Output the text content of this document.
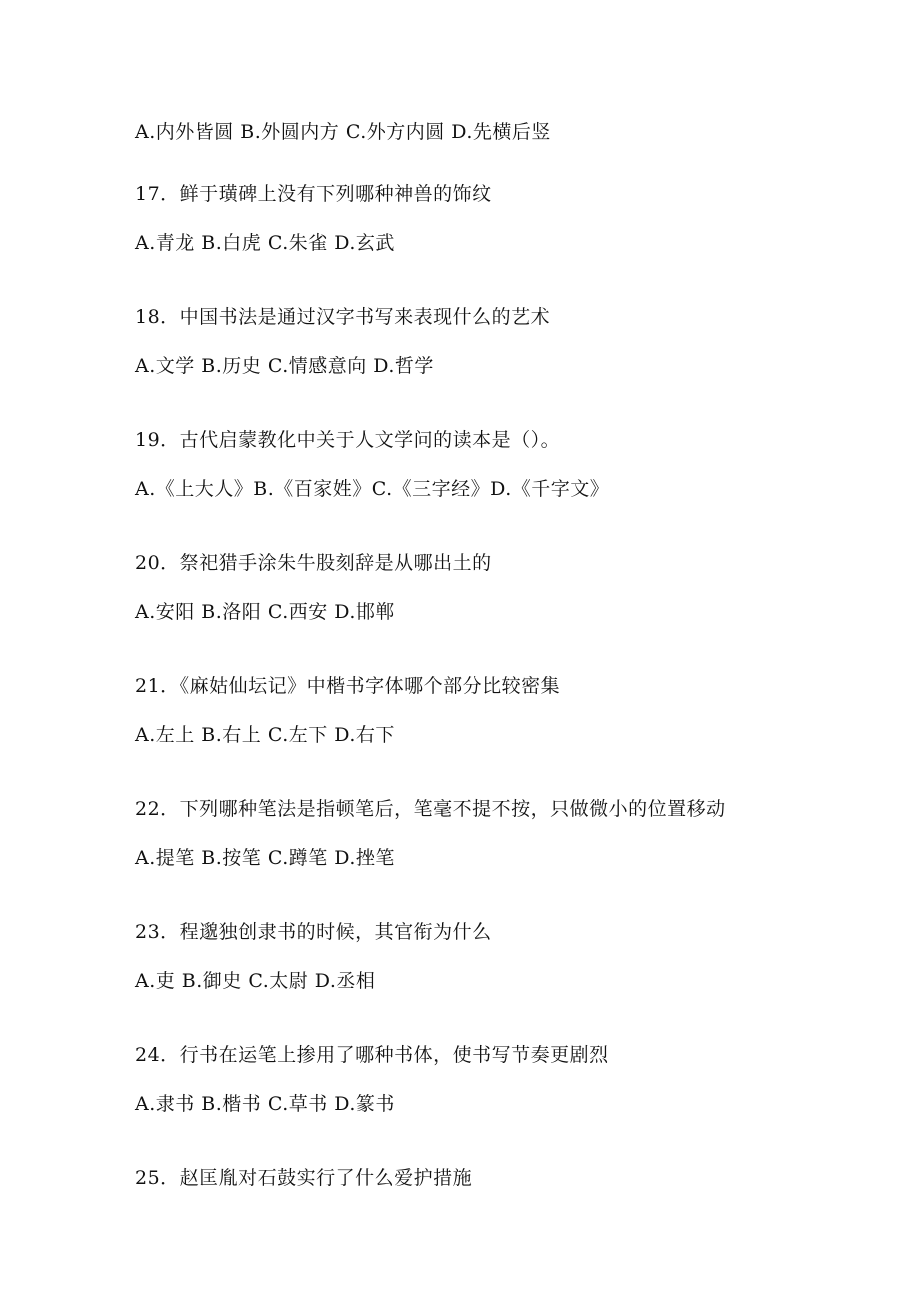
A.内外皆圆 B.外圆内方 C.外方内圆 D.先横后竖
17．鲜于璜碑上没有下列哪种神兽的饰纹
A.青龙 B.白虎 C.朱雀 D.玄武
18．中国书法是通过汉字书写来表现什么的艺术
A.文学 B.历史 C.情感意向 D.哲学
19．古代启蒙教化中关于人文学问的读本是（）。
A.《上大人》B.《百家姓》C.《三字经》D.《千字文》
20．祭祀猎手涂朱牛股刻辞是从哪出土的
A.安阳 B.洛阳 C.西安 D.邯郸
21．《麻姑仙坛记》中楷书字体哪个部分比较密集
A.左上 B.右上 C.左下 D.右下
22．下列哪种笔法是指顿笔后，笔毫不提不按，只做微小的位置移动
A.提笔 B.按笔 C.蹲笔 D.挫笔
23．程邈独创隶书的时候，其官衔为什么
A.吏 B.御史 C.太尉 D.丞相
24．行书在运笔上掺用了哪种书体，使书写节奏更剧烈
A.隶书 B.楷书 C.草书 D.篆书
25．赵匡胤对石鼓实行了什么爱护措施
